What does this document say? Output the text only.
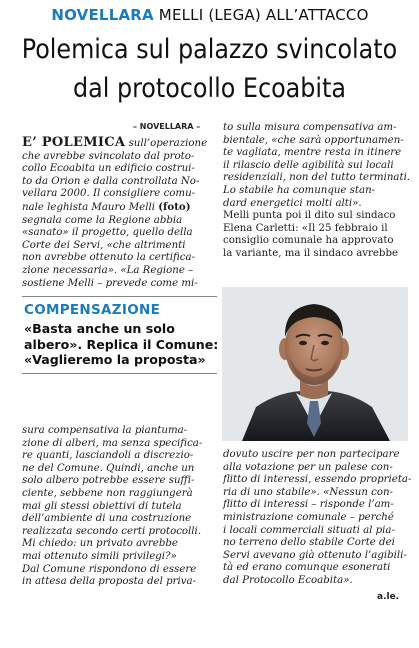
NOVELLARA MELLI (LEGA) ALL’ATTACCO
Polemica sul palazzo svincolato
dal protocollo Ecoabita
– NOVELLARA –

E’ POLEMICA sull’operazione

che avrebbe svincolato dal proto-

collo Ecoabita un edificio costrui-

to da Orion e dalla controllata No-

vellara 2000. Il consigliere comu-

nale leghista Mauro Melli (foto)

segnala come la Regione abbia

«sanato» il progetto, quello della

Corte dei Servi, «che altrimenti

non avrebbe ottenuto la certifica-

zione necessaria». «La Regione –

sostiene Melli – prevede come mi-

COMPENSAZIONE
«Basta anche un solo
albero». Replica il Comune:
«Vaglieremo la proposta»

sura compensativa la piantuma-

zione di alberi, ma senza specifica-

re quanti, lasciandoli a discrezio-

ne del Comune. Quindi, anche un

solo albero potrebbe essere suffi-

ciente, sebbene non raggiungerà

mai gli stessi obiettivi di tutela

dell’ambiente di una costruzione

realizzata secondo certi protocolli.

Mi chiedo: un privato avrebbe

mai ottenuto simili privilegi?»

Dal Comune rispondono di essere

in attesa della proposta del priva-

to sulla misura compensativa am-

bientale, «che sarà opportunamen-

te vagliata, mentre resta in itinere

il rilascio delle agibilità sui locali

residenziali, non del tutto terminati.

Lo stabile ha comunque stan-

dard energetici molti alti».

Melli punta poi il dito sul sindaco

Elena Carletti: «Il 25 febbraio il

consiglio comunale ha approvato

la variante, ma il sindaco avrebbe

dovuto uscire per non partecipare

alla votazione per un palese con-

flitto di interessi, essendo proprieta-

ria di uno stabile». «Nessun con-

flitto di interessi – risponde l’am-

ministrazione comunale – perché

i locali commerciali situati al pia-

no terreno dello stabile Corte dei

Servi avevano già ottenuto l’agibili-

tà ed erano comunque esonerati

dal Protocollo Ecoabita».

a.le.
